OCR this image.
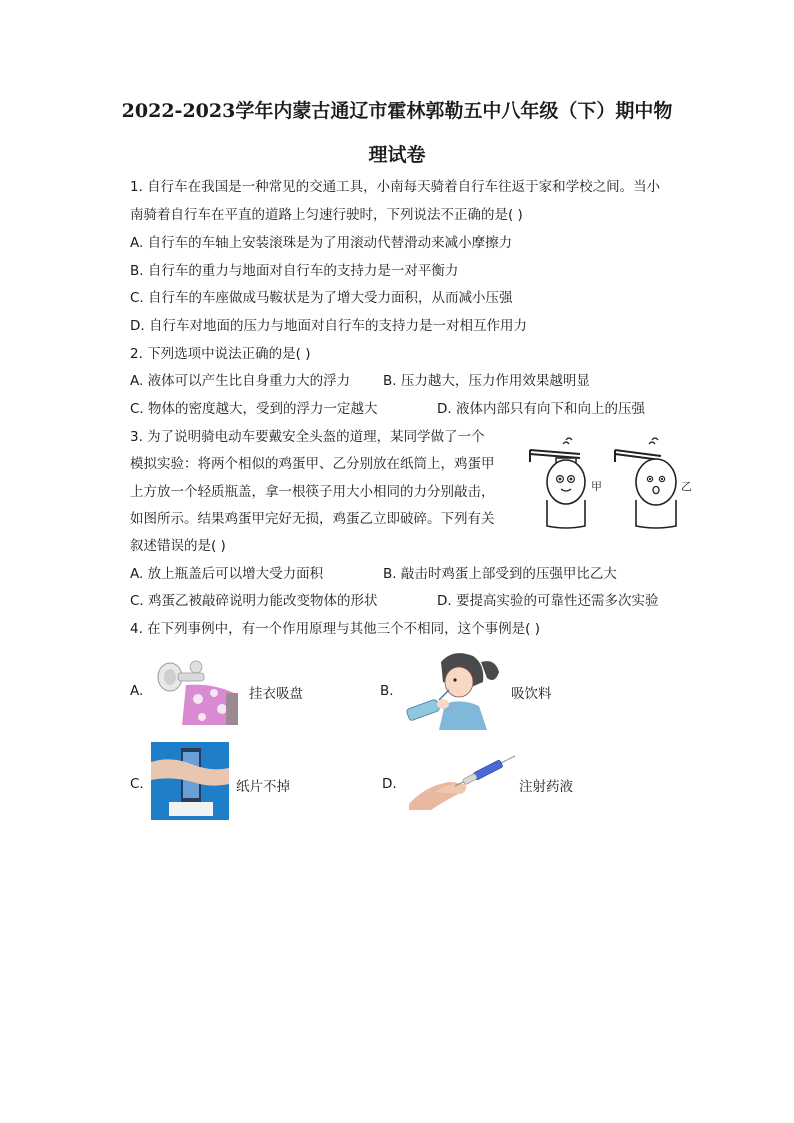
2022-2023学年内蒙古通辽市霍林郭勒五中八年级（下）期中物
理试卷
1. 自行车在我国是一种常见的交通工具，小南每天骑着自行车往返于家和学校之间。当小
南骑着自行车在平直的道路上匀速行驶时，下列说法不正确的是( )
A. 自行车的车轴上安装滚珠是为了用滚动代替滑动来减小摩擦力
B. 自行车的重力与地面对自行车的支持力是一对平衡力
C. 自行车的车座做成马鞍状是为了增大受力面积，从而减小压强
D. 自行车对地面的压力与地面对自行车的支持力是一对相互作用力
2. 下列选项中说法正确的是( )
A. 液体可以产生比自身重力大的浮力 B. 压力越大，压力作用效果越明显
C. 物体的密度越大，受到的浮力一定越大	D. 液体内部只有向下和向上的压强
3. 为了说明骑电动车要戴安全头盔的道理，某同学做了一个
模拟实验：将两个相似的鸡蛋甲、乙分别放在纸筒上，鸡蛋甲
上方放一个轻质瓶盖，拿一根筷子用大小相同的力分别敲击，
如图所示。结果鸡蛋甲完好无损，鸡蛋乙立即破碎。下列有关
叙述错误的是( )
甲	乙
A. 放上瓶盖后可以增大受力面积	B. 敲击时鸡蛋上部受到的压强甲比乙大
C. 鸡蛋乙被敲碎说明力能改变物体的形状	D. 要提高实验的可靠性还需多次实验
4. 在下列事例中，有一个作用原理与其他三个不相同，这个事例是( )
A.	挂衣吸盘	B.	吸饮料
C.	纸片不掉	D.	注射药液
